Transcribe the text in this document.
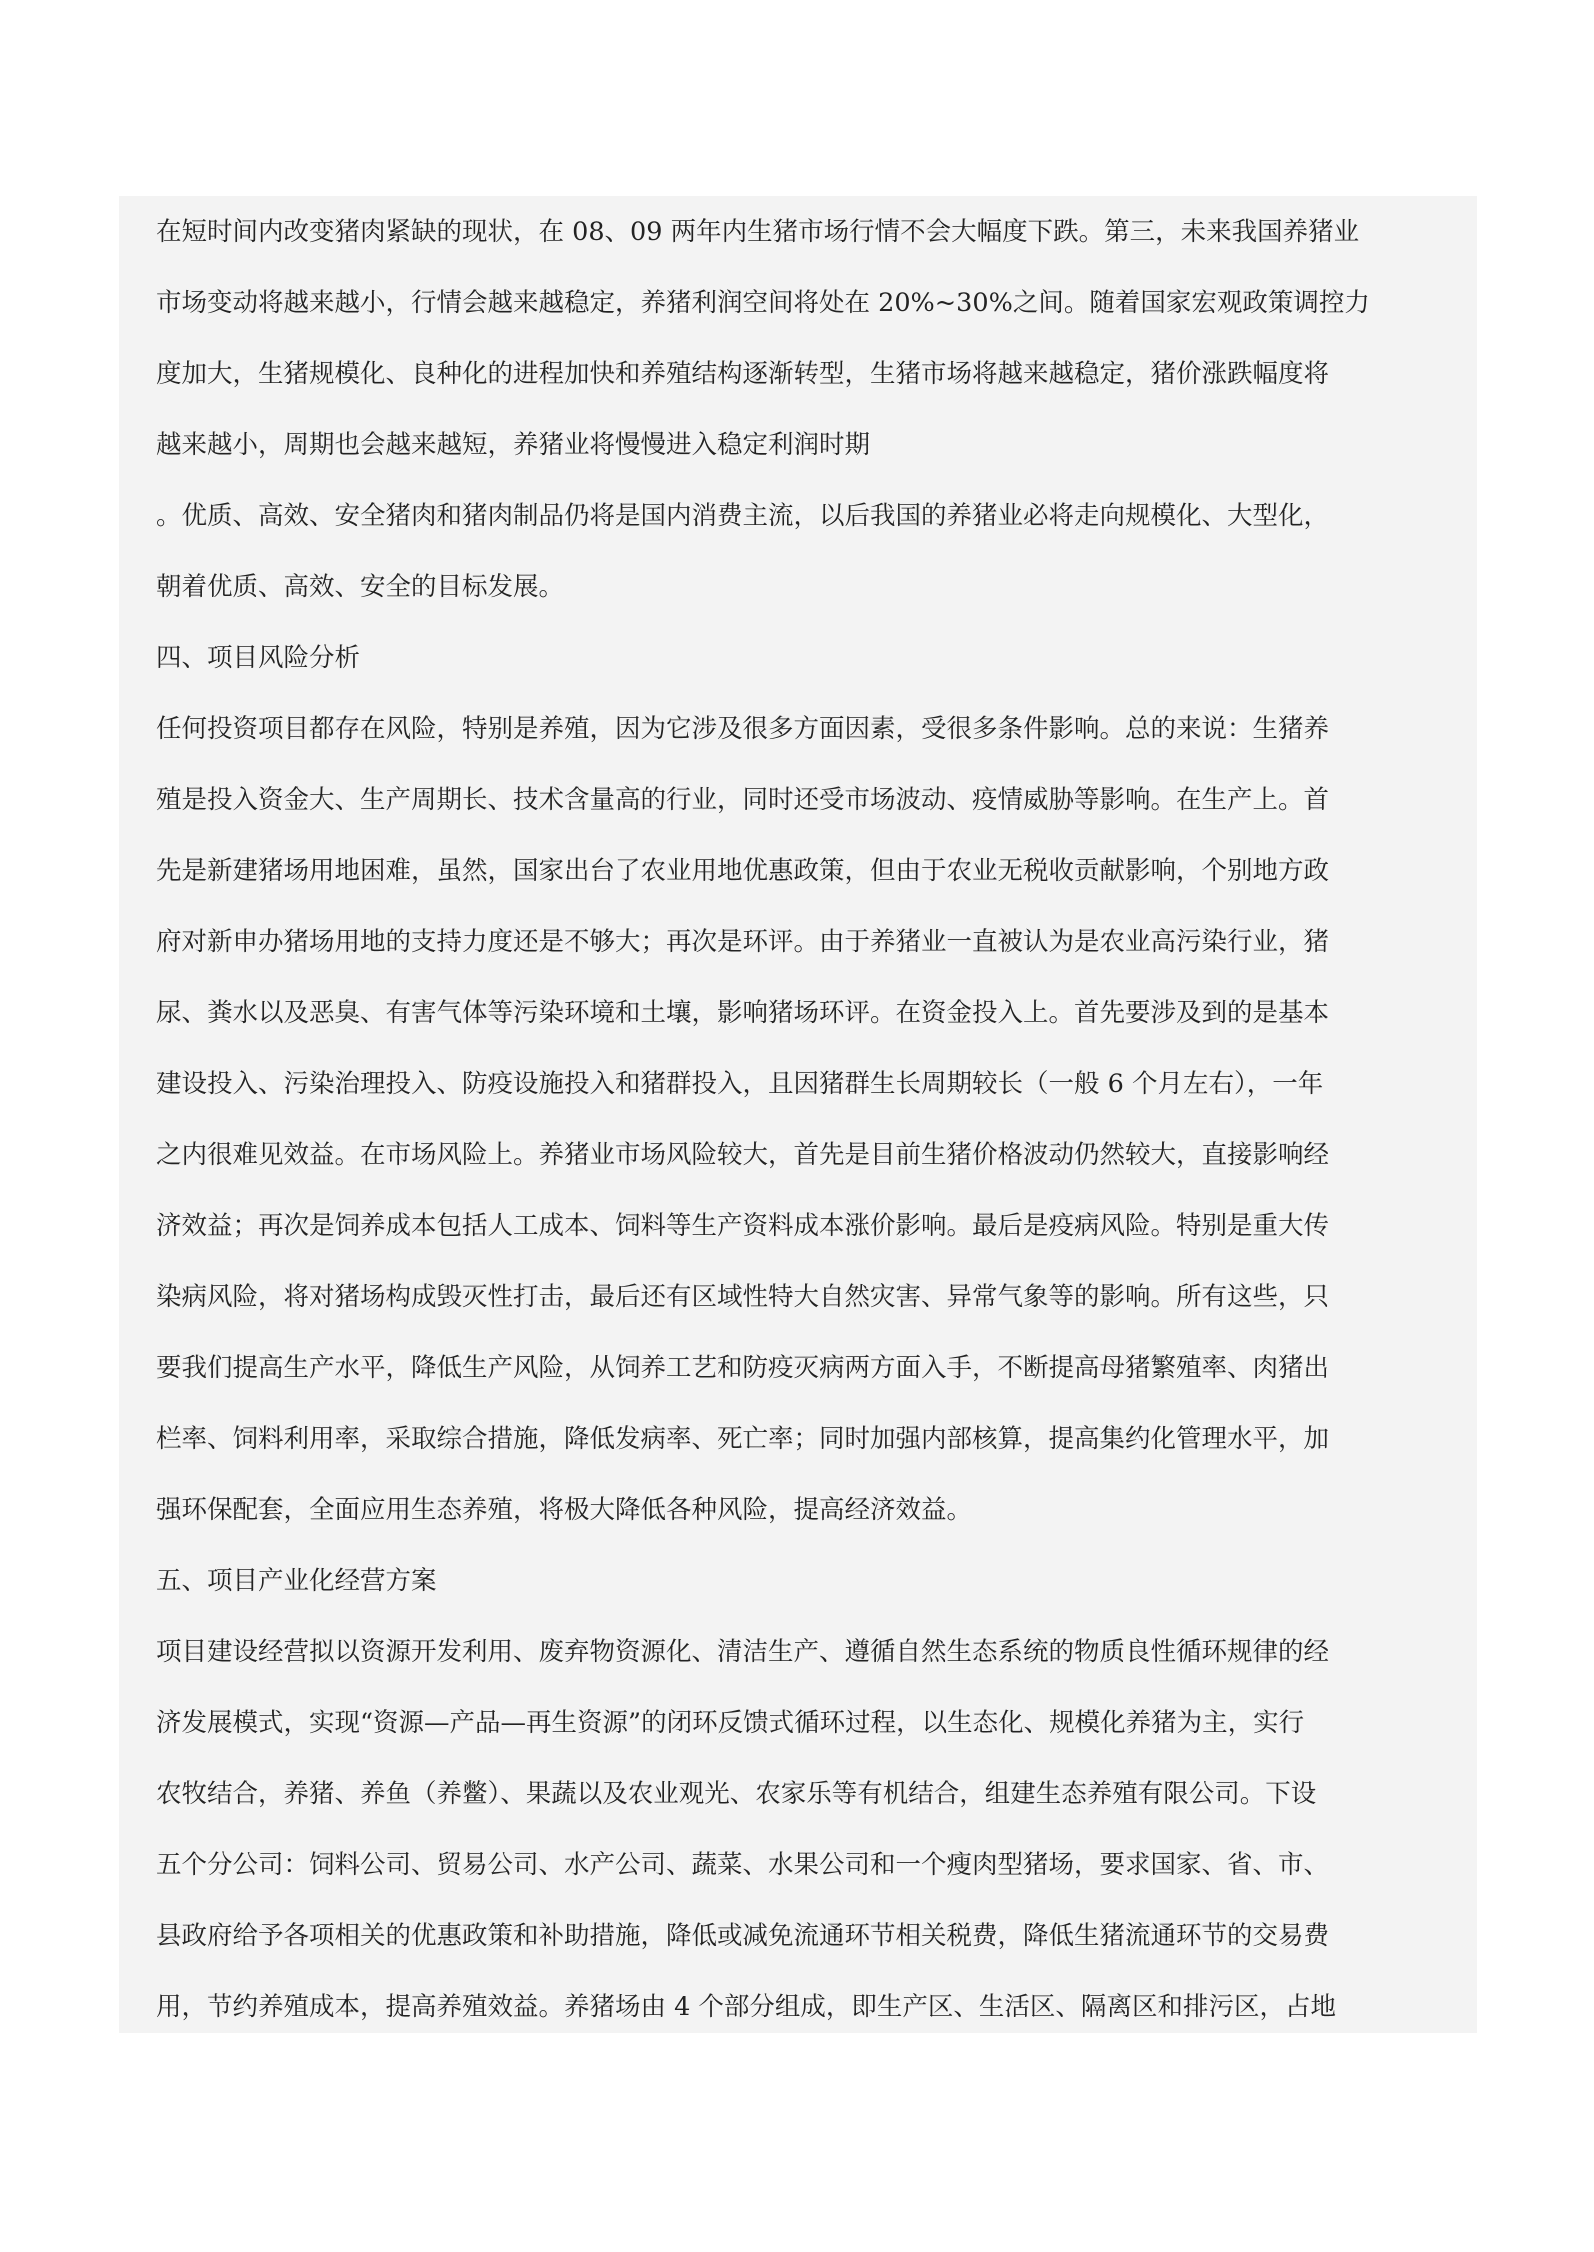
在短时间内改变猪肉紧缺的现状，在 08、09 两年内生猪市场行情不会大幅度下跌。第三，未来我国养猪业
市场变动将越来越小，行情会越来越稳定，养猪利润空间将处在 20%~30%之间。随着国家宏观政策调控力
度加大，生猪规模化、良种化的进程加快和养殖结构逐渐转型，生猪市场将越来越稳定，猪价涨跌幅度将
越来越小，周期也会越来越短，养猪业将慢慢进入稳定利润时期
。优质、高效、安全猪肉和猪肉制品仍将是国内消费主流，以后我国的养猪业必将走向规模化、大型化，
朝着优质、高效、安全的目标发展。
四、项目风险分析
任何投资项目都存在风险，特别是养殖，因为它涉及很多方面因素，受很多条件影响。总的来说：生猪养
殖是投入资金大、生产周期长、技术含量高的行业，同时还受市场波动、疫情威胁等影响。在生产上。首
先是新建猪场用地困难，虽然，国家出台了农业用地优惠政策，但由于农业无税收贡献影响，个别地方政
府对新申办猪场用地的支持力度还是不够大；再次是环评。由于养猪业一直被认为是农业高污染行业，猪
尿、粪水以及恶臭、有害气体等污染环境和土壤，影响猪场环评。在资金投入上。首先要涉及到的是基本
建设投入、污染治理投入、防疫设施投入和猪群投入，且因猪群生长周期较长（一般 6 个月左右），一年
之内很难见效益。在市场风险上。养猪业市场风险较大，首先是目前生猪价格波动仍然较大，直接影响经
济效益；再次是饲养成本包括人工成本、饲料等生产资料成本涨价影响。最后是疫病风险。特别是重大传
染病风险，将对猪场构成毁灭性打击，最后还有区域性特大自然灾害、异常气象等的影响。所有这些，只
要我们提高生产水平，降低生产风险，从饲养工艺和防疫灭病两方面入手，不断提高母猪繁殖率、肉猪出
栏率、饲料利用率，采取综合措施，降低发病率、死亡率；同时加强内部核算，提高集约化管理水平，加
强环保配套，全面应用生态养殖，将极大降低各种风险，提高经济效益。
五、项目产业化经营方案
项目建设经营拟以资源开发利用、废弃物资源化、清洁生产、遵循自然生态系统的物质良性循环规律的经
济发展模式，实现“资源—产品—再生资源”的闭环反馈式循环过程，以生态化、规模化养猪为主，实行
农牧结合，养猪、养鱼（养鳖）、果蔬以及农业观光、农家乐等有机结合，组建生态养殖有限公司。下设
五个分公司：饲料公司、贸易公司、水产公司、蔬菜、水果公司和一个瘦肉型猪场，要求国家、省、市、
县政府给予各项相关的优惠政策和补助措施，降低或减免流通环节相关税费，降低生猪流通环节的交易费
用，节约养殖成本，提高养殖效益。养猪场由 4 个部分组成，即生产区、生活区、隔离区和排污区，占地
